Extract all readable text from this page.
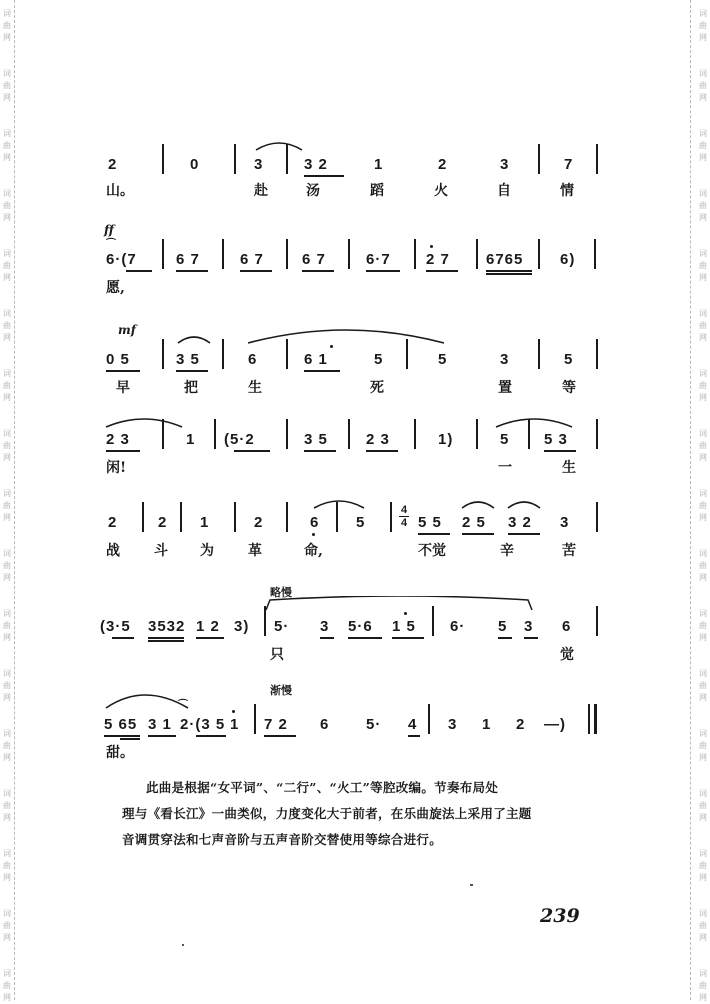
词
曲
网
词
曲
网
词
曲
网
词
曲
网
词
曲
网
词
曲
网
词
曲
网
词
曲
网
词
曲
网
词
曲
网
词
曲
网
词
曲
网
词
曲
网
词
曲
网
词
曲
网
词
曲
网
词
曲
网
词
曲
网
词
曲
网
词
曲
网
词
曲
网
词
曲
网
词
曲
网
词
曲
网
词
曲
网
词
曲
网
词
曲
网
词
曲
网
词
曲
网
词
曲
网
词
曲
网
词
曲
网
词
曲
网
词
曲
网
2	0	3	3 2	1	2	3	7
山。	赴	汤	蹈	火	自	情
ff
⌒
6·(7	6 7	6 7	6 7	6·7 2 7 6765 6)
愿,
mf
0 5	3 5	6	6 1	5	5	3	5
早	把	生	死	置	等
2 3	1 (5·2	3 5	2 3	1)	5 5 3
闲!	一	生
2	2 1	2	6 5
4
4 5 5 2 5 3 2 3
战 斗 为 革	命,	不觉	辛	苦
略慢
(3·5 3532 1 2 3) 5· 3 5·6 1 5 6· 5 3 6
只	觉
渐慢
⌒
5 65 3 1 2·(3 5 1 7 2 6 5· 4 3 1 2 —)
甜。

此曲是根据“女平词”、“二行”、“火工”等腔改编。节奏布局处

理与《看长江》一曲类似，力度变化大于前者，在乐曲旋法上采用了主题
音调贯穿法和七声音阶与五声音阶交替使用等综合进行。
239
